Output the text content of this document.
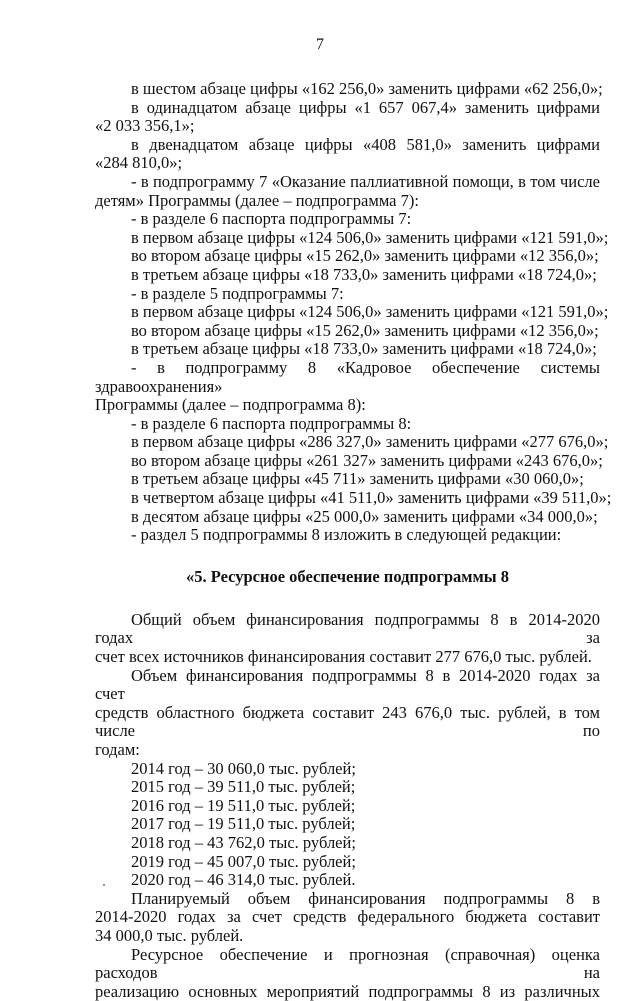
7
в шестом абзаце цифры «162 256,0» заменить цифрами «62 256,0»;
в одинадцатом абзаце цифры «1 657 067,4» заменить цифрами
«2 033 356,1»;
в двенадцатом абзаце цифры «408 581,0» заменить цифрами
«284 810,0»;
- в подпрограмму 7 «Оказание паллиативной помощи, в том числе
детям» Программы (далее – подпрограмма 7):
- в разделе 6 паспорта подпрограммы 7:
в первом абзаце цифры «124 506,0» заменить цифрами «121 591,0»;
во втором абзаце цифры «15 262,0» заменить цифрами «12 356,0»;
в третьем абзаце цифры «18 733,0» заменить цифрами «18 724,0»;
- в разделе 5 подпрограммы 7:
в первом абзаце цифры «124 506,0» заменить цифрами «121 591,0»;
во втором абзаце цифры «15 262,0» заменить цифрами «12 356,0»;
в третьем абзаце цифры «18 733,0» заменить цифрами «18 724,0»;
- в подпрограмму 8 «Кадровое обеспечение системы здравоохранения»
Программы (далее – подпрограмма 8):
- в разделе 6 паспорта подпрограммы 8:
в первом абзаце цифры «286 327,0» заменить цифрами «277 676,0»;
во втором абзаце цифры «261 327» заменить цифрами «243 676,0»;
в третьем абзаце цифры «45 711» заменить цифрами «30 060,0»;
в четвертом абзаце цифры «41 511,0» заменить цифрами «39 511,0»;
в десятом абзаце цифры «25 000,0» заменить цифрами «34 000,0»;
- раздел 5 подпрограммы 8 изложить в следующей редакции:
«5. Ресурсное обеспечение подпрограммы 8
Общий объем финансирования подпрограммы 8 в 2014-2020 годах за
счет всех источников финансирования составит 277 676,0 тыс. рублей.
Объем финансирования подпрограммы 8 в 2014-2020 годах за счет
средств областного бюджета составит 243 676,0 тыс. рублей, в том числе по
годам:
2014 год – 30 060,0 тыс. рублей;
2015 год – 39 511,0 тыс. рублей;
2016 год – 19 511,0 тыс. рублей;
2017 год – 19 511,0 тыс. рублей;
2018 год – 43 762,0 тыс. рублей;
2019 год – 45 007,0 тыс. рублей;
2020 год – 46 314,0 тыс. рублей.
Планируемый объем финансирования подпрограммы 8 в
2014-2020 годах за счет средств федерального бюджета составит
34 000,0 тыс. рублей.
Ресурсное обеспечение и прогнозная (справочная) оценка расходов на
реализацию основных мероприятий подпрограммы 8 из различных
